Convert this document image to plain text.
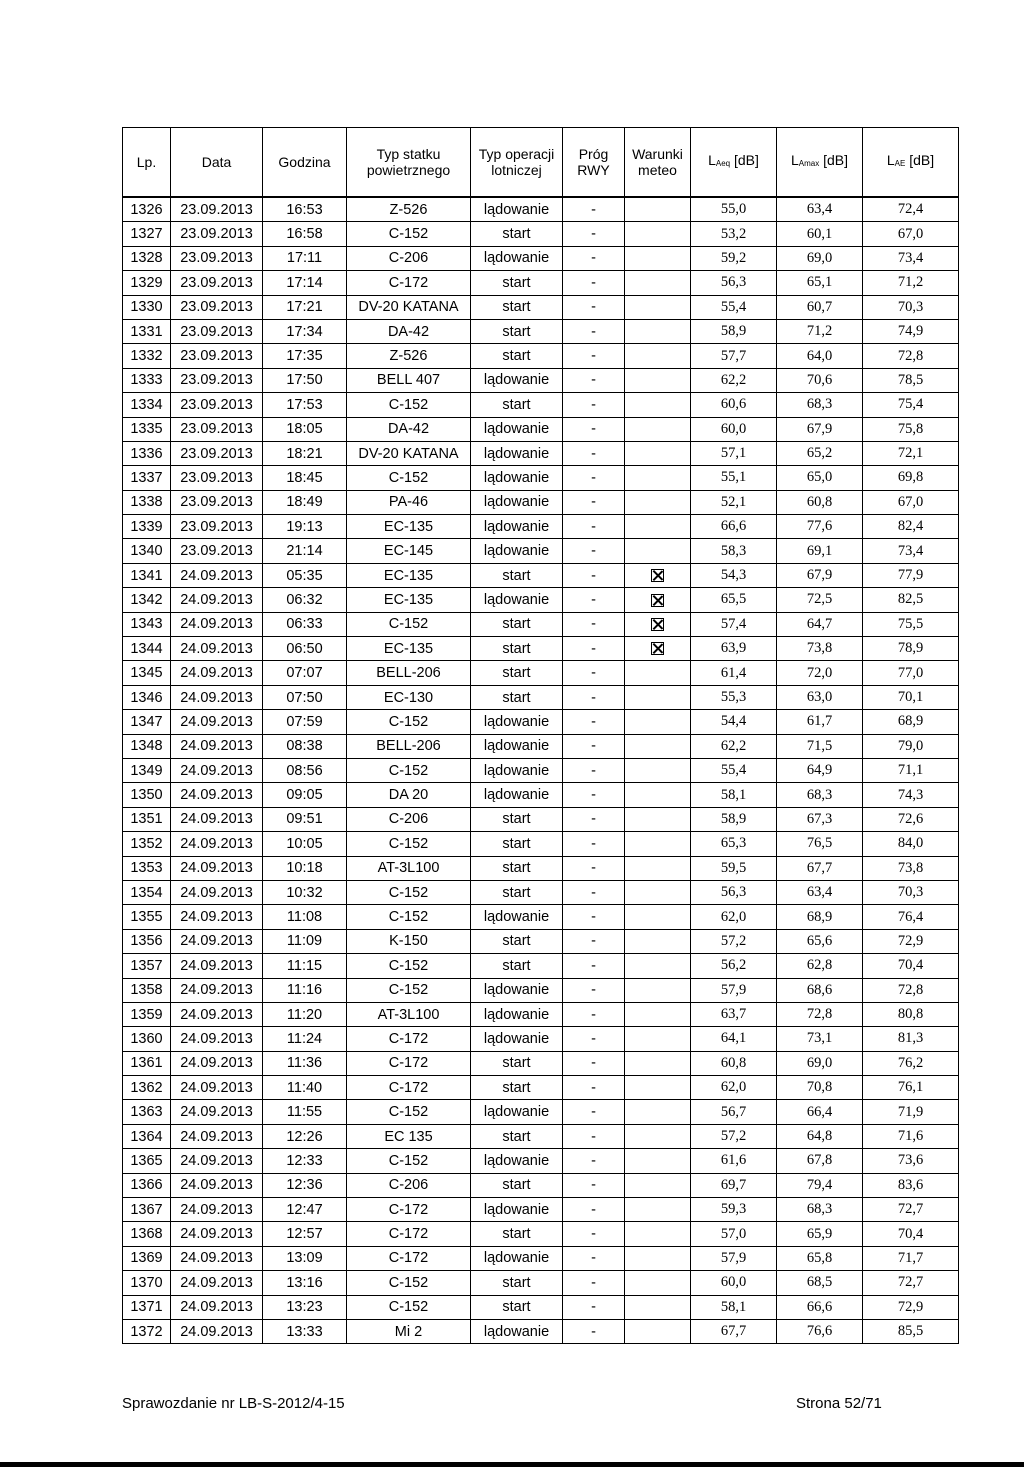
Lp.	Data	Godzina	Typ statku powietrznego	Typ operacji lotniczej	Próg RWY	Warunki meteo	$L_{Aeq}$ [dB]	$L_{Amax}$ [dB]	$L_{AE}$ [dB]
1326	23.09.2013	16:53	Z-526	lądowanie	-		55,0	63,4	72,4
1327	23.09.2013	16:58	C-152	start	-		53,2	60,1	67,0
1328	23.09.2013	17:11	C-206	lądowanie	-		59,2	69,0	73,4
1329	23.09.2013	17:14	C-172	start	-		56,3	65,1	71,2
1330	23.09.2013	17:21	DV-20 KATANA	start	-		55,4	60,7	70,3
1331	23.09.2013	17:34	DA-42	start	-		58,9	71,2	74,9
1332	23.09.2013	17:35	Z-526	start	-		57,7	64,0	72,8
1333	23.09.2013	17:50	BELL 407	lądowanie	-		62,2	70,6	78,5
1334	23.09.2013	17:53	C-152	start	-		60,6	68,3	75,4
1335	23.09.2013	18:05	DA-42	lądowanie	-		60,0	67,9	75,8
1336	23.09.2013	18:21	DV-20 KATANA	lądowanie	-		57,1	65,2	72,1
1337	23.09.2013	18:45	C-152	lądowanie	-		55,1	65,0	69,8
1338	23.09.2013	18:49	PA-46	lądowanie	-		52,1	60,8	67,0
1339	23.09.2013	19:13	EC-135	lądowanie	-		66,6	77,6	82,4
1340	23.09.2013	21:14	EC-145	lądowanie	-		58,3	69,1	73,4
1341	24.09.2013	05:35	EC-135	start	-		54,3	67,9	77,9
1342	24.09.2013	06:32	EC-135	lądowanie	-		65,5	72,5	82,5
1343	24.09.2013	06:33	C-152	start	-		57,4	64,7	75,5
1344	24.09.2013	06:50	EC-135	start	-		63,9	73,8	78,9
1345	24.09.2013	07:07	BELL-206	start	-		61,4	72,0	77,0
1346	24.09.2013	07:50	EC-130	start	-		55,3	63,0	70,1
1347	24.09.2013	07:59	C-152	lądowanie	-		54,4	61,7	68,9
1348	24.09.2013	08:38	BELL-206	lądowanie	-		62,2	71,5	79,0
1349	24.09.2013	08:56	C-152	lądowanie	-		55,4	64,9	71,1
1350	24.09.2013	09:05	DA 20	lądowanie	-		58,1	68,3	74,3
1351	24.09.2013	09:51	C-206	start	-		58,9	67,3	72,6
1352	24.09.2013	10:05	C-152	start	-		65,3	76,5	84,0
1353	24.09.2013	10:18	AT-3L100	start	-		59,5	67,7	73,8
1354	24.09.2013	10:32	C-152	start	-		56,3	63,4	70,3
1355	24.09.2013	11:08	C-152	lądowanie	-		62,0	68,9	76,4
1356	24.09.2013	11:09	K-150	start	-		57,2	65,6	72,9
1357	24.09.2013	11:15	C-152	start	-		56,2	62,8	70,4
1358	24.09.2013	11:16	C-152	lądowanie	-		57,9	68,6	72,8
1359	24.09.2013	11:20	AT-3L100	lądowanie	-		63,7	72,8	80,8
1360	24.09.2013	11:24	C-172	lądowanie	-		64,1	73,1	81,3
1361	24.09.2013	11:36	C-172	start	-		60,8	69,0	76,2
1362	24.09.2013	11:40	C-172	start	-		62,0	70,8	76,1
1363	24.09.2013	11:55	C-152	lądowanie	-		56,7	66,4	71,9
1364	24.09.2013	12:26	EC 135	start	-		57,2	64,8	71,6
1365	24.09.2013	12:33	C-152	lądowanie	-		61,6	67,8	73,6
1366	24.09.2013	12:36	C-206	start	-		69,7	79,4	83,6
1367	24.09.2013	12:47	C-172	lądowanie	-		59,3	68,3	72,7
1368	24.09.2013	12:57	C-172	start	-		57,0	65,9	70,4
1369	24.09.2013	13:09	C-172	lądowanie	-		57,9	65,8	71,7
1370	24.09.2013	13:16	C-152	start	-		60,0	68,5	72,7
1371	24.09.2013	13:23	C-152	start	-		58,1	66,6	72,9
1372	24.09.2013	13:33	Mi 2	lądowanie	-		67,7	76,6	85,5
Sprawozdanie nr LB-S-2012/4-15	Strona 52/71
